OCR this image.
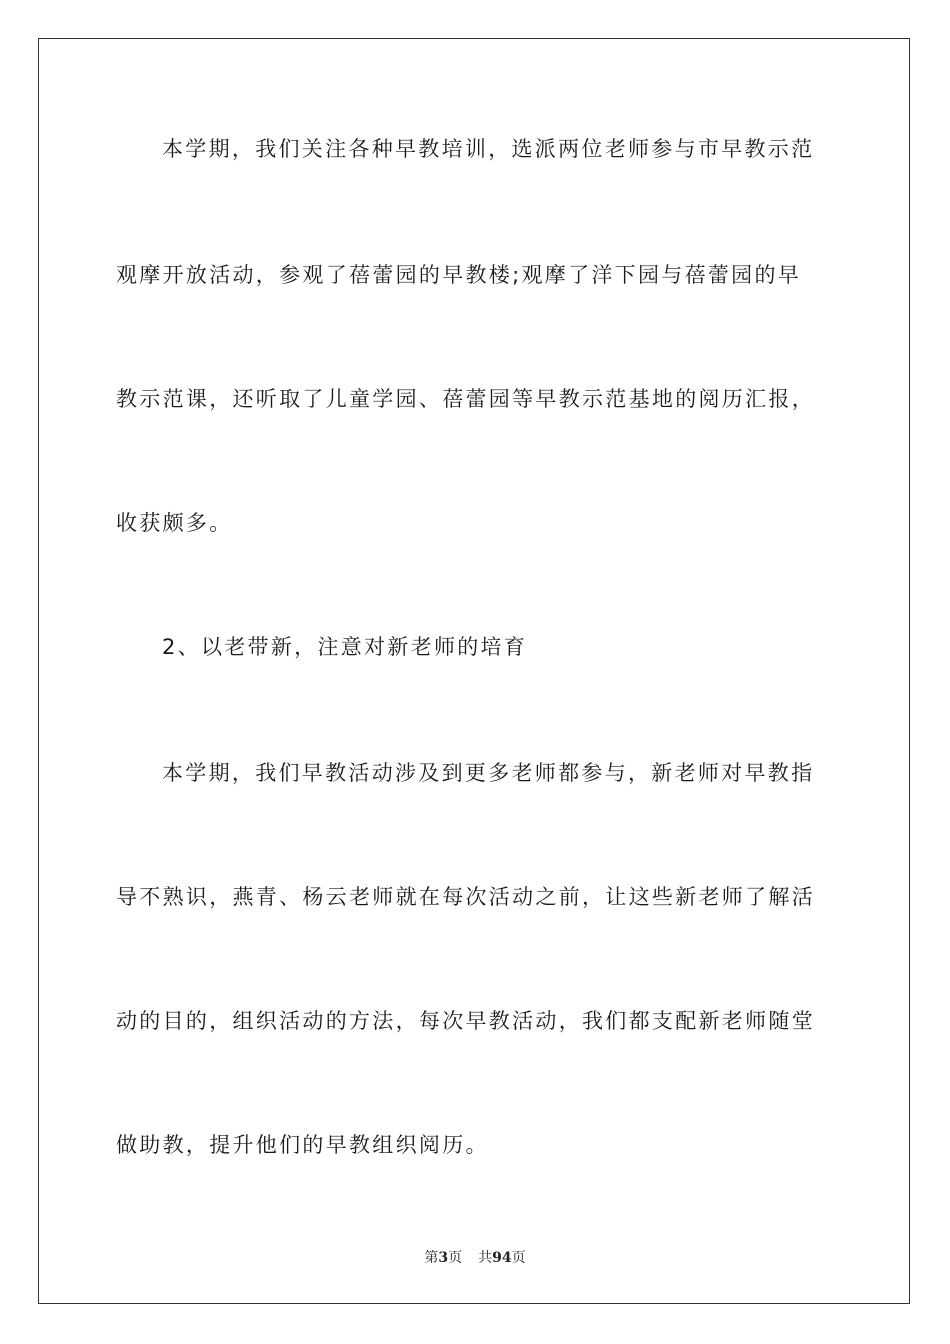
本学期，我们关注各种早教培训，选派两位老师参与市早教示范

观摩开放活动，参观了蓓蕾园的早教楼;观摩了洋下园与蓓蕾园的早

教示范课，还听取了儿童学园、蓓蕾园等早教示范基地的阅历汇报，

收获颇多。

2、以老带新，注意对新老师的培育

本学期，我们早教活动涉及到更多老师都参与，新老师对早教指

导不熟识，燕青、杨云老师就在每次活动之前，让这些新老师了解活

动的目的，组织活动的方法，每次早教活动，我们都支配新老师随堂

做助教，提升他们的早教组织阅历。

第3页 共94页
